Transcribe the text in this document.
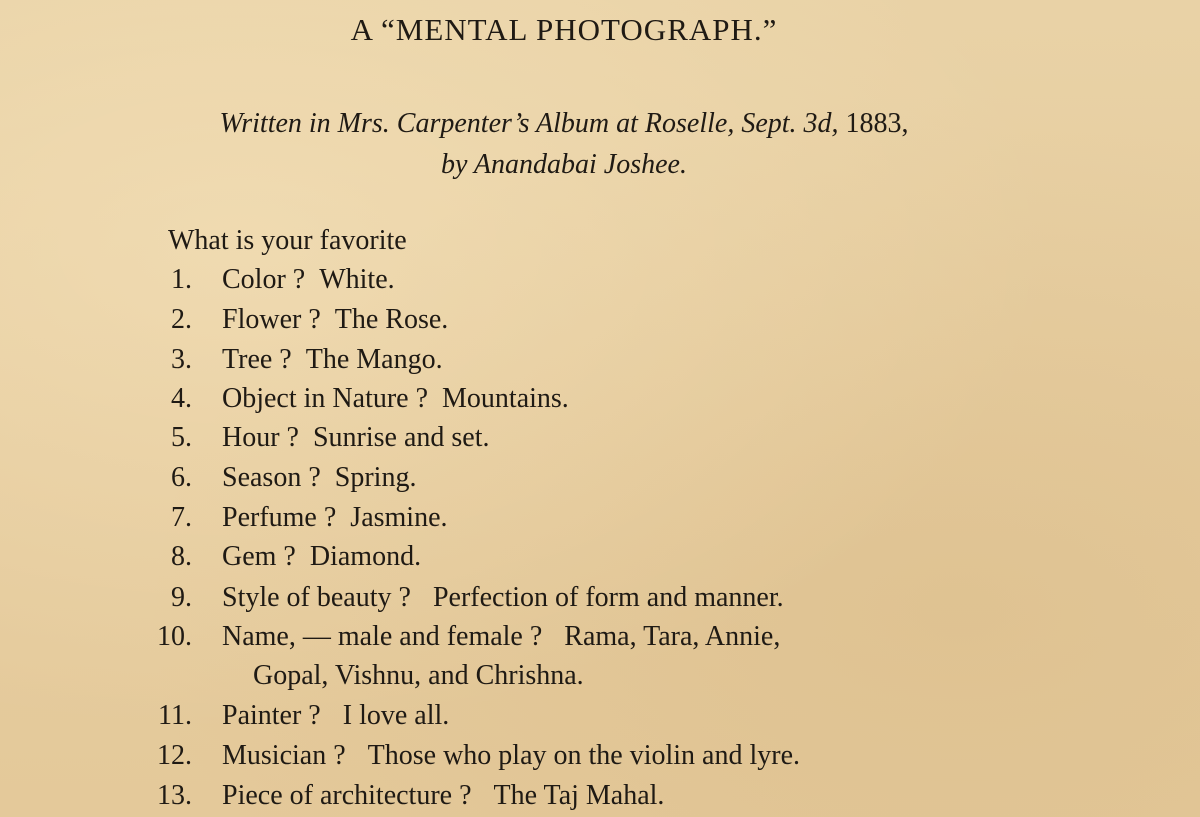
A “MENTAL PHOTOGRAPH.”
Written in Mrs. Carpenter’s Album at Roselle, Sept. 3d, 1883,
by Anandabai Joshee.
What is your favorite
1. Color ? White.
2. Flower ? The Rose.
3. Tree ? The Mango.
4. Object in Nature ? Mountains.
5. Hour ? Sunrise and set.
6. Season ? Spring.
7. Perfume ? Jasmine.
8. Gem ? Diamond.
9. Style of beauty ? Perfection of form and manner.
10. Name, — male and female ? Rama, Tara, Annie,
Gopal, Vishnu, and Chrishna.
11. Painter ? I love all.
12. Musician ? Those who play on the violin and lyre.
13. Piece of architecture ? The Taj Mahal.
